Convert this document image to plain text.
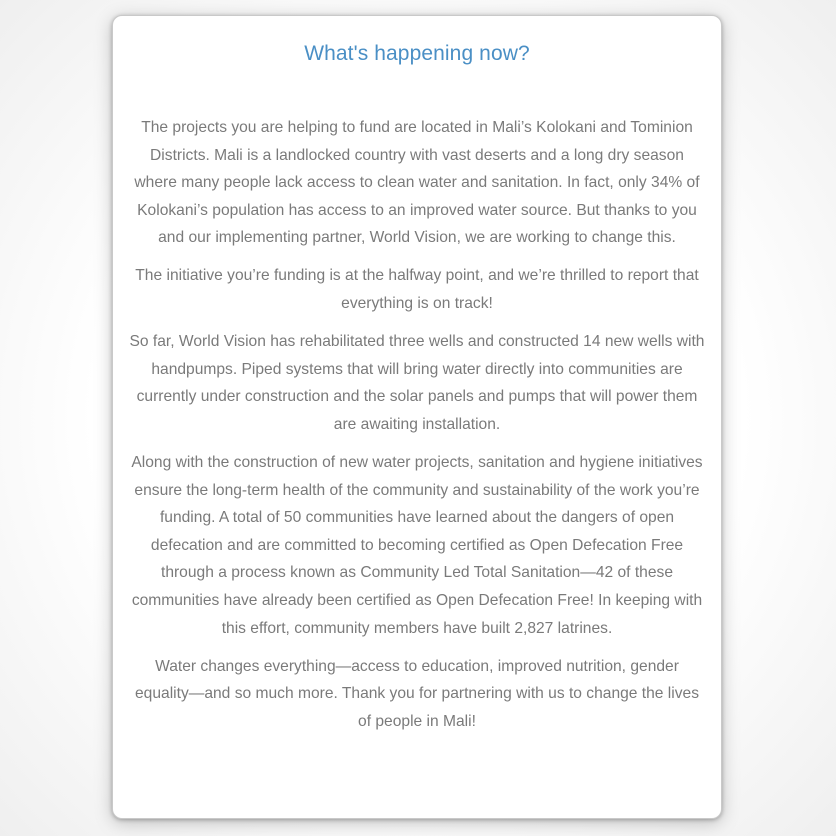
What's happening now?

The projects you are helping to fund are located in Mali’s Kolokani and Tominion Districts. Mali is a landlocked country with vast deserts and a long dry season where many people lack access to clean water and sanitation. In fact, only 34% of Kolokani’s population has access to an improved water source. But thanks to you and our implementing partner, World Vision, we are working to change this.

The initiative you’re funding is at the halfway point, and we’re thrilled to report that everything is on track!

So far, World Vision has rehabilitated three wells and constructed 14 new wells with handpumps. Piped systems that will bring water directly into communities are currently under construction and the solar panels and pumps that will power them are awaiting installation.

Along with the construction of new water projects, sanitation and hygiene initiatives ensure the long-term health of the community and sustainability of the work you’re funding. A total of 50 communities have learned about the dangers of open defecation and are committed to becoming certified as Open Defecation Free through a process known as Community Led Total Sanitation—42 of these communities have already been certified as Open Defecation Free! In keeping with this effort, community members have built 2,827 latrines.

Water changes everything—access to education, improved nutrition, gender equality—and so much more. Thank you for partnering with us to change the lives of people in Mali!
